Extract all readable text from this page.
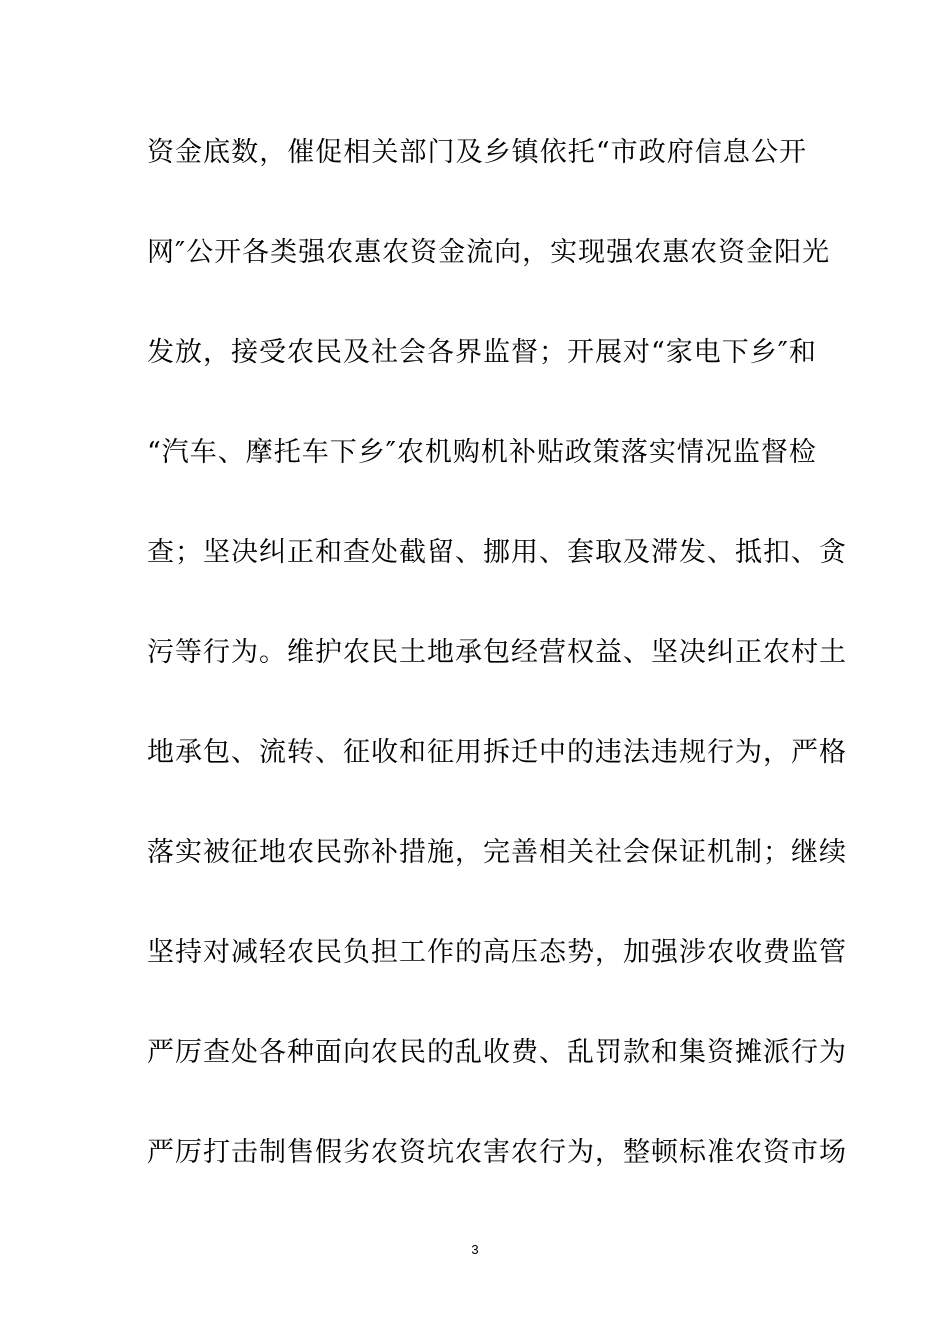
资金底数，催促相关部门及乡镇依托“市政府信息公开
网″公开各类强农惠农资金流向，实现强农惠农资金阳光
发放，接受农民及社会各界监督；开展对“家电下乡″和
“汽车、摩托车下乡″农机购机补贴政策落实情况监督检
查；坚决纠正和查处截留、挪用、套取及滞发、抵扣、贪
污等行为。维护农民土地承包经营权益、坚决纠正农村土
地承包、流转、征收和征用拆迁中的违法违规行为，严格
落实被征地农民弥补措施，完善相关社会保证机制；继续
坚持对减轻农民负担工作的高压态势，加强涉农收费监管
严厉查处各种面向农民的乱收费、乱罚款和集资摊派行为
严厉打击制售假劣农资坑农害农行为，整顿标准农资市场
3
